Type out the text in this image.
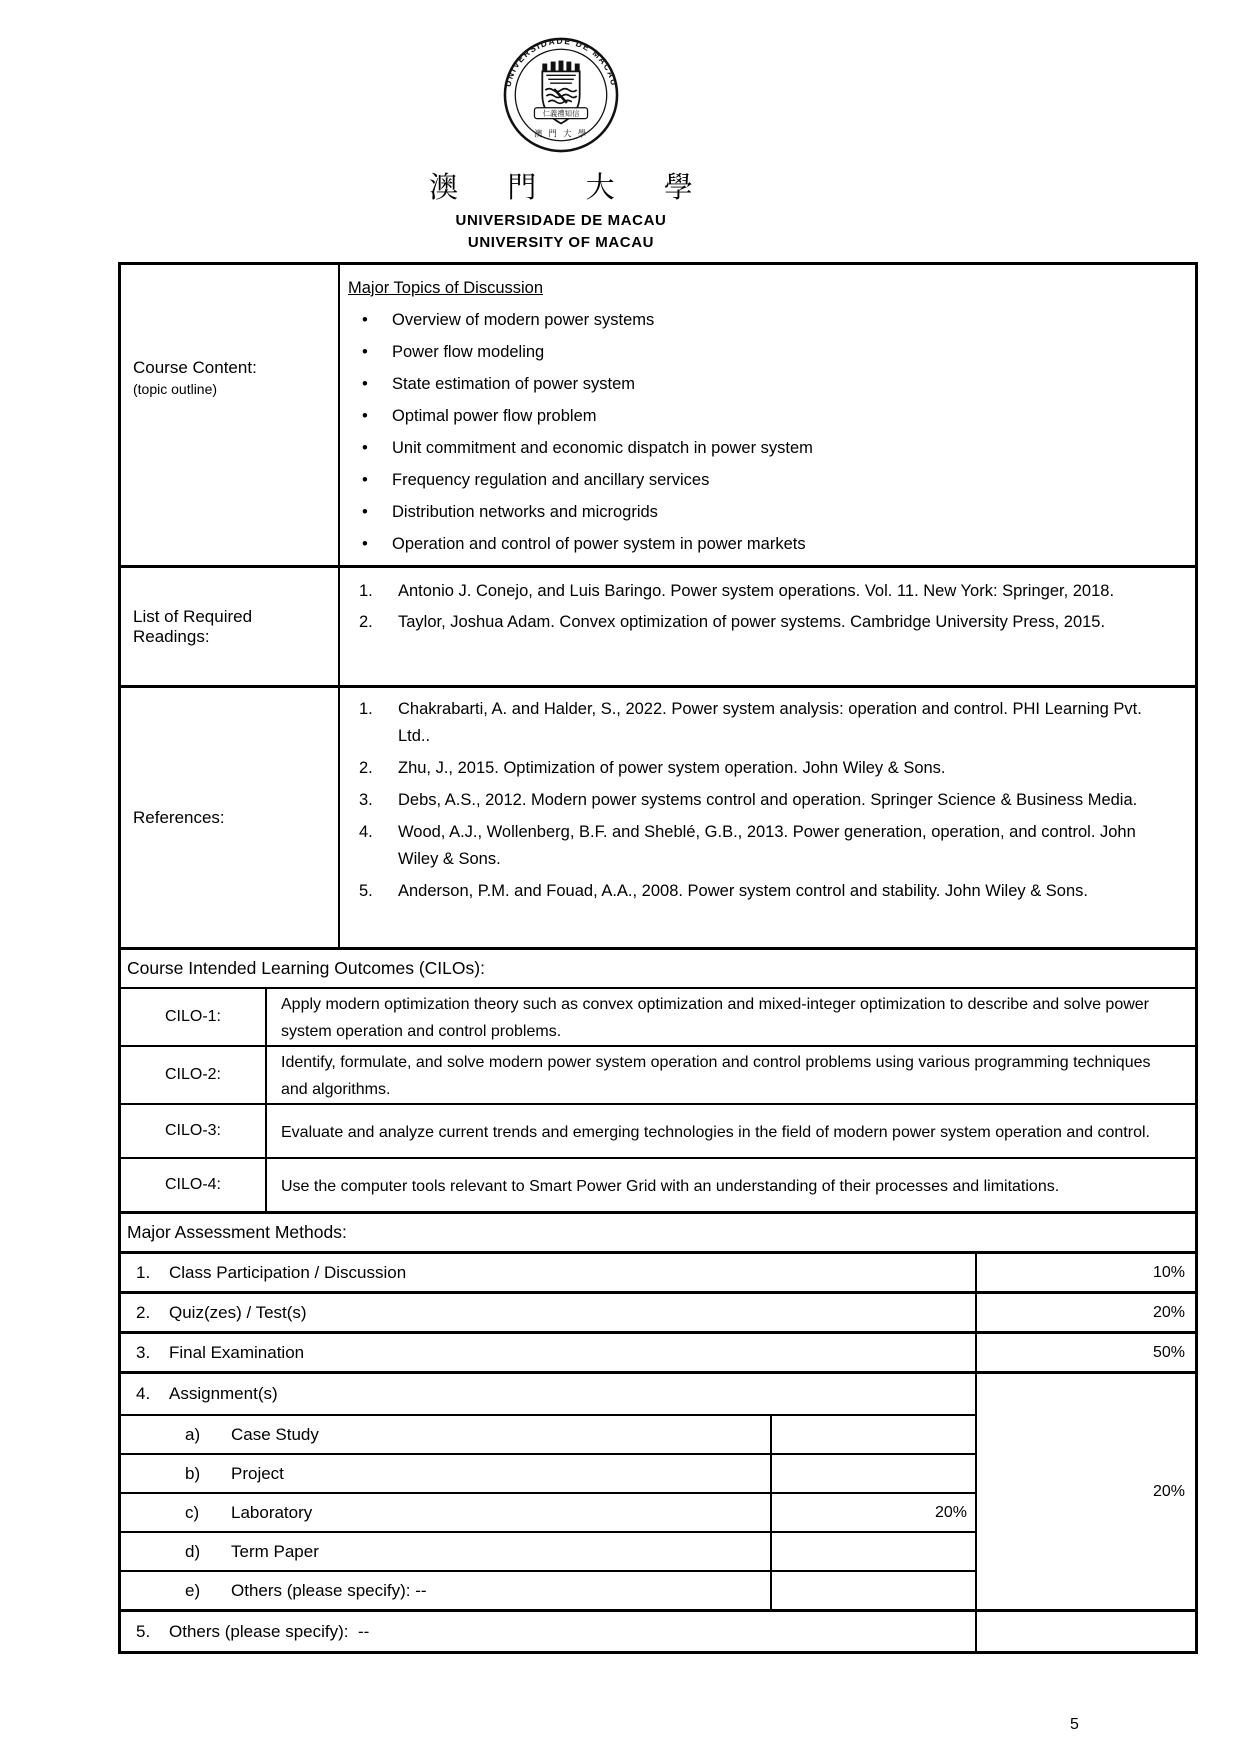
UNIVERSIDADE DE MACAU
仁義禮知信
澳 門 大 學
澳 門 大 學
UNIVERSIDADE DE MACAU
UNIVERSITY OF MACAU
Course Content:
(topic outline)
Major Topics of Discussion
• Overview of modern power systems
• Power flow modeling
• State estimation of power system
• Optimal power flow problem
• Unit commitment and economic dispatch in power system
• Frequency regulation and ancillary services
• Distribution networks and microgrids
• Operation and control of power system in power markets
List of Required Readings:
1. Antonio J. Conejo, and Luis Baringo. Power system operations. Vol. 11. New York: Springer, 2018.
2. Taylor, Joshua Adam. Convex optimization of power systems. Cambridge University Press, 2015.
References:
1. Chakrabarti, A. and Halder, S., 2022. Power system analysis: operation and control. PHI Learning Pvt. Ltd..
2. Zhu, J., 2015. Optimization of power system operation. John Wiley & Sons.
3. Debs, A.S., 2012. Modern power systems control and operation. Springer Science & Business Media.
4. Wood, A.J., Wollenberg, B.F. and Sheblé, G.B., 2013. Power generation, operation, and control. John Wiley & Sons.
5. Anderson, P.M. and Fouad, A.A., 2008. Power system control and stability. John Wiley & Sons.
Course Intended Learning Outcomes (CILOs):
CILO-1:
Apply modern optimization theory such as convex optimization and mixed-integer optimization to describe and solve power system operation and control problems.
CILO-2:
Identify, formulate, and solve modern power system operation and control problems using various programming techniques and algorithms.
CILO-3:	Evaluate and analyze current trends and emerging technologies in the field of modern power system operation and control.
CILO-4:	Use the computer tools relevant to Smart Power Grid with an understanding of their processes and limitations.
Major Assessment Methods:
1.	Class Participation / Discussion	10%
2.	Quiz(zes) / Test(s)	20%
3.	Final Examination	50%
4.	Assignment(s)
a)	Case Study
b)	Project
c)	Laboratory	20%
d)	Term Paper
e)	Others (please specify): --
20%
5.	Others (please specify):  --
5
